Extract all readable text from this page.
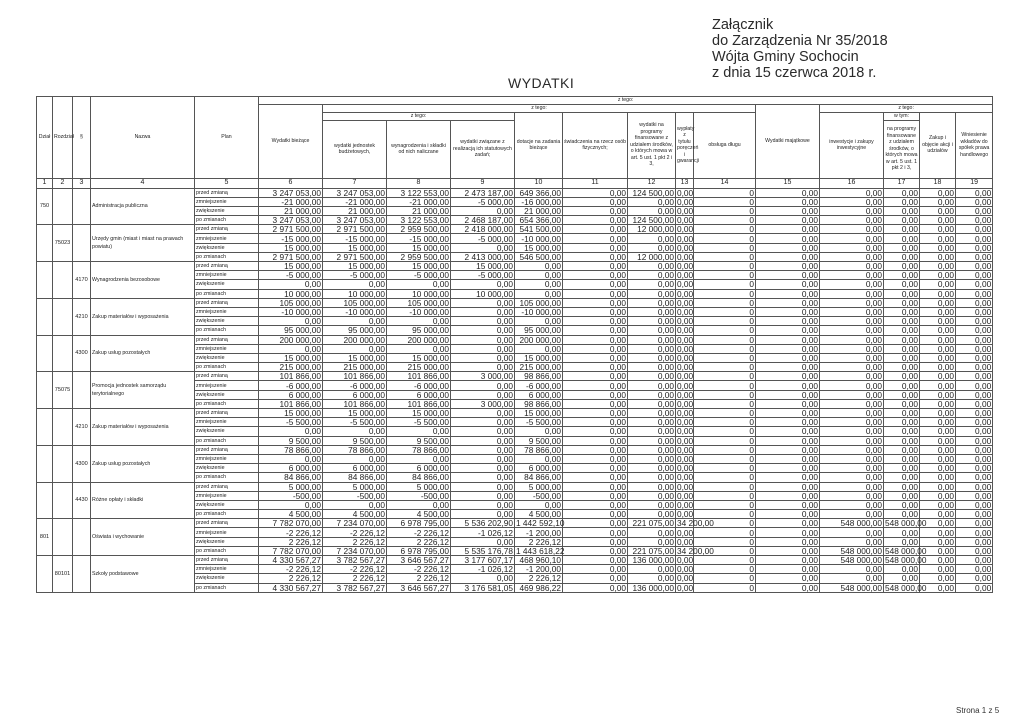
Załącznik
do Zarządzenia Nr 35/2018
Wójta Gminy Sochocin
z dnia 15 czerwca 2018 r.
WYDATKI
Dział	Rozdział	§	Nazwa	Plan	z tego:														
					Wydatki bieżące	z tego:								Wydatki majątkowe	z tego:				
						z tego:			dotacje na zadania bieżące	świadczenia na rzecz osób fizycznych;	wydatki na programy finansowane z udziałem środków, o których mowa w art. 5 ust. 1 pkt 2 i 3,	wypłaty z tytułu poręczeń i gwarancji	obsługa długu		inwestycje i zakupy inwestycyjne	w tym:	Zakup i objęcie akcji i udziałów	Wniesienie wkładów do spółek prawa handlowego	
						wydatki jednostek budżetowych,	wynagrodzenia i składki od nich naliczane	wydatki związane z realizacją ich statutowych zadań;								na programy finansowane z udziałem środków, o których mowa w art. 5 ust. 1 pkt 2 i 3,			

1	2	3	4	5	6	7	8	9	10	11	12	13	14	15	16	17	18	19	
750			Administracja publiczna	przed zmianą	3 247 053,00	3 247 053,00	3 122 553,00	2 473 187,00	649 366,00	0,00	124 500,00	0,00	0	0,00	0,00	0,00	0,00	0,00	
				zmniejszenie	-21 000,00	-21 000,00	-21 000,00	-5 000,00	-16 000,00	0,00	0,00	0,00	0	0,00	0,00	0,00	0,00	0,00	
				zwiększenie	21 000,00	21 000,00	21 000,00	0,00	21 000,00	0,00	0,00	0,00	0	0,00	0,00	0,00	0,00	0,00	
				po zmianach	3 247 053,00	3 247 053,00	3 122 553,00	2 468 187,00	654 366,00	0,00	124 500,00	0,00	0	0,00	0,00	0,00	0,00	0,00	
	75023		Urzędy gmin (miast i miast na prawach powiatu)	przed zmianą	2 971 500,00	2 971 500,00	2 959 500,00	2 418 000,00	541 500,00	0,00	12 000,00	0,00	0	0,00	0,00	0,00	0,00	0,00	
				zmniejszenie	-15 000,00	-15 000,00	-15 000,00	-5 000,00	-10 000,00	0,00	0,00	0,00	0	0,00	0,00	0,00	0,00	0,00	
				zwiększenie	15 000,00	15 000,00	15 000,00	0,00	15 000,00	0,00	0,00	0,00	0	0,00	0,00	0,00	0,00	0,00	
				po zmianach	2 971 500,00	2 971 500,00	2 959 500,00	2 413 000,00	546 500,00	0,00	12 000,00	0,00	0	0,00	0,00	0,00	0,00	0,00	
		4170	Wynagrodzenia bezosobowe	przed zmianą	15 000,00	15 000,00	15 000,00	15 000,00	0,00	0,00	0,00	0,00	0	0,00	0,00	0,00	0,00	0,00	
				zmniejszenie	-5 000,00	-5 000,00	-5 000,00	-5 000,00	0,00	0,00	0,00	0,00	0	0,00	0,00	0,00	0,00	0,00	
				zwiększenie	0,00	0,00	0,00	0,00	0,00	0,00	0,00	0,00	0	0,00	0,00	0,00	0,00	0,00	
				po zmianach	10 000,00	10 000,00	10 000,00	10 000,00	0,00	0,00	0,00	0,00	0	0,00	0,00	0,00	0,00	0,00	
		4210	Zakup materiałów i wyposażenia	przed zmianą	105 000,00	105 000,00	105 000,00	0,00	105 000,00	0,00	0,00	0,00	0	0,00	0,00	0,00	0,00	0,00	
				zmniejszenie	-10 000,00	-10 000,00	-10 000,00	0,00	-10 000,00	0,00	0,00	0,00	0	0,00	0,00	0,00	0,00	0,00	
				zwiększenie	0,00	0,00	0,00	0,00	0,00	0,00	0,00	0,00	0	0,00	0,00	0,00	0,00	0,00	
				po zmianach	95 000,00	95 000,00	95 000,00	0,00	95 000,00	0,00	0,00	0,00	0	0,00	0,00	0,00	0,00	0,00	
		4300	Zakup usług pozostałych	przed zmianą	200 000,00	200 000,00	200 000,00	0,00	200 000,00	0,00	0,00	0,00	0	0,00	0,00	0,00	0,00	0,00	
				zmniejszenie	0,00	0,00	0,00	0,00	0,00	0,00	0,00	0,00	0	0,00	0,00	0,00	0,00	0,00	
				zwiększenie	15 000,00	15 000,00	15 000,00	0,00	15 000,00	0,00	0,00	0,00	0	0,00	0,00	0,00	0,00	0,00	
				po zmianach	215 000,00	215 000,00	215 000,00	0,00	215 000,00	0,00	0,00	0,00	0	0,00	0,00	0,00	0,00	0,00	
	75075		Promocja jednostek samorządu terytorialnego	przed zmianą	101 866,00	101 866,00	101 866,00	3 000,00	98 866,00	0,00	0,00	0,00	0	0,00	0,00	0,00	0,00	0,00	
				zmniejszenie	-6 000,00	-6 000,00	-6 000,00	0,00	-6 000,00	0,00	0,00	0,00	0	0,00	0,00	0,00	0,00	0,00	
				zwiększenie	6 000,00	6 000,00	6 000,00	0,00	6 000,00	0,00	0,00	0,00	0	0,00	0,00	0,00	0,00	0,00	
				po zmianach	101 866,00	101 866,00	101 866,00	3 000,00	98 866,00	0,00	0,00	0,00	0	0,00	0,00	0,00	0,00	0,00	
		4210	Zakup materiałów i wyposażenia	przed zmianą	15 000,00	15 000,00	15 000,00	0,00	15 000,00	0,00	0,00	0,00	0	0,00	0,00	0,00	0,00	0,00	
				zmniejszenie	-5 500,00	-5 500,00	-5 500,00	0,00	-5 500,00	0,00	0,00	0,00	0	0,00	0,00	0,00	0,00	0,00	
				zwiększenie	0,00	0,00	0,00	0,00	0,00	0,00	0,00	0,00	0	0,00	0,00	0,00	0,00	0,00	
				po zmianach	9 500,00	9 500,00	9 500,00	0,00	9 500,00	0,00	0,00	0,00	0	0,00	0,00	0,00	0,00	0,00	
		4300	Zakup usług pozostałych	przed zmianą	78 866,00	78 866,00	78 866,00	0,00	78 866,00	0,00	0,00	0,00	0	0,00	0,00	0,00	0,00	0,00	
				zmniejszenie	0,00	0,00	0,00	0,00	0,00	0,00	0,00	0,00	0	0,00	0,00	0,00	0,00	0,00	
				zwiększenie	6 000,00	6 000,00	6 000,00	0,00	6 000,00	0,00	0,00	0,00	0	0,00	0,00	0,00	0,00	0,00	
				po zmianach	84 866,00	84 866,00	84 866,00	0,00	84 866,00	0,00	0,00	0,00	0	0,00	0,00	0,00	0,00	0,00	
		4430	Różne opłaty i składki	przed zmianą	5 000,00	5 000,00	5 000,00	0,00	5 000,00	0,00	0,00	0,00	0	0,00	0,00	0,00	0,00	0,00	
				zmniejszenie	-500,00	-500,00	-500,00	0,00	-500,00	0,00	0,00	0,00	0	0,00	0,00	0,00	0,00	0,00	
				zwiększenie	0,00	0,00	0,00	0,00	0,00	0,00	0,00	0,00	0	0,00	0,00	0,00	0,00	0,00	
				po zmianach	4 500,00	4 500,00	4 500,00	0,00	4 500,00	0,00	0,00	0,00	0	0,00	0,00	0,00	0,00	0,00	
801			Oświata i wychowanie	przed zmianą	7 782 070,00	7 234 070,00	6 978 795,00	5 536 202,90	1 442 592,10	0,00	221 075,00	34 200,00	0	0,00	548 000,00	548 000,00	0,00	0,00	
				zmniejszenie	-2 226,12	-2 226,12	-2 226,12	-1 026,12	-1 200,00	0,00	0,00	0,00	0	0,00	0,00	0,00	0,00	0,00	
				zwiększenie	2 226,12	2 226,12	2 226,12	0,00	2 226,12	0,00	0,00	0,00	0	0,00	0,00	0,00	0,00	0,00	
				po zmianach	7 782 070,00	7 234 070,00	6 978 795,00	5 535 176,78	1 443 618,22	0,00	221 075,00	34 200,00	0	0,00	548 000,00	548 000,00	0,00	0,00	
	80101		Szkoły podstawowe	przed zmianą	4 330 567,27	3 782 567,27	3 646 567,27	3 177 607,17	468 960,10	0,00	136 000,00	0,00	0	0,00	548 000,00	548 000,00	0,00	0,00	
				zmniejszenie	-2 226,12	-2 226,12	-2 226,12	-1 026,12	-1 200,00	0,00	0,00	0,00	0	0,00	0,00	0,00	0,00	0,00	
				zwiększenie	2 226,12	2 226,12	2 226,12	0,00	2 226,12	0,00	0,00	0,00	0	0,00	0,00	0,00	0,00	0,00	
				po zmianach	4 330 567,27	3 782 567,27	3 646 567,27	3 176 581,05	469 986,22	0,00	136 000,00	0,00	0	0,00	548 000,00	548 000,00	0,00	0,00	
Strona 1 z 5
